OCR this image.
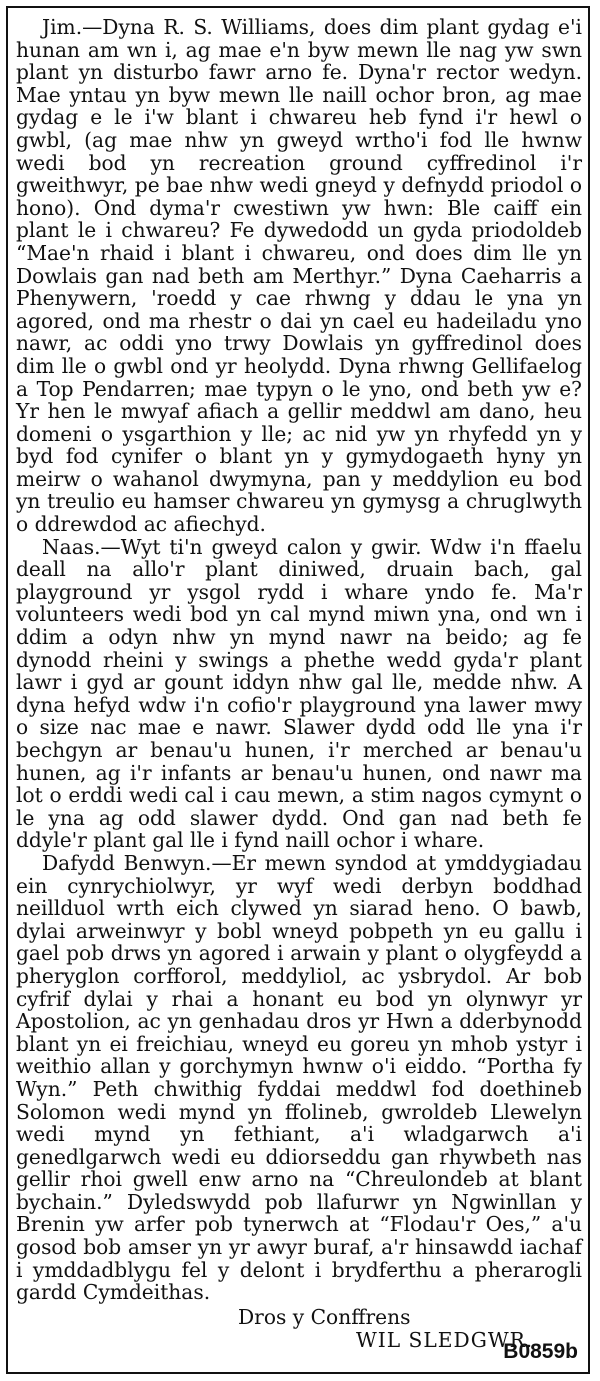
Jim.—Dyna R. S. Williams, does dim plant gydag e'i hunan am wn i, ag mae e'n byw mewn lle nag yw swn plant yn disturbo fawr arno fe. Dyna'r rector wedyn. Mae yntau yn byw mewn lle naill ochor bron, ag mae gydag e le i'w blant i chwareu heb fynd i'r hewl o gwbl, (ag mae nhw yn gweyd wrtho'i fod lle hwnw wedi bod yn recreation ground cyffredinol i'r gweithwyr, pe bae nhw wedi gneyd y defnydd priodol o hono). Ond dyma'r cwestiwn yw hwn: Ble caiff ein plant le i chwareu? Fe dywedodd un gyda priodoldeb “Mae'n rhaid i blant i chwareu, ond does dim lle yn Dowlais gan nad beth am Merthyr.” Dyna Caeharris a Phenywern, 'roedd y cae rhwng y ddau le yna yn agored, ond ma rhestr o dai yn cael eu hadeiladu yno nawr, ac oddi yno trwy Dowlais yn gyffredinol does dim lle o gwbl ond yr heolydd. Dyna rhwng Gellifaelog a Top Pendarren; mae typyn o le yno, ond beth yw e? Yr hen le mwyaf afiach a gellir meddwl am dano, heu domeni o ysgarthion y lle; ac nid yw yn rhyfedd yn y byd fod cynifer o blant yn y gymydogaeth hyny yn meirw o wahanol dwymyna, pan y meddylion eu bod yn treulio eu hamser chwareu yn gymysg a chruglwyth o ddrewdod ac afiechyd.

Naas.—Wyt ti'n gweyd calon y gwir. Wdw i'n ffaelu deall na allo'r plant diniwed, druain bach, gal playground yr ysgol rydd i whare yndo fe. Ma'r volunteers wedi bod yn cal mynd miwn yna, ond wn i ddim a odyn nhw yn mynd nawr na beido; ag fe dynodd rheini y swings a phethe wedd gyda'r plant lawr i gyd ar gount iddyn nhw gal lle, medde nhw. A dyna hefyd wdw i'n cofio'r playground yna lawer mwy o size nac mae e nawr. Slawer dydd odd lle yna i'r bechgyn ar benau'u hunen, i'r merched ar benau'u hunen, ag i'r infants ar benau'u hunen, ond nawr ma lot o erddi wedi cal i cau mewn, a stim nagos cymynt o le yna ag odd slawer dydd. Ond gan nad beth fe ddyle'r plant gal lle i fynd naill ochor i whare.

Dafydd Benwyn.—Er mewn syndod at ymddygiadau ein cynrychiolwyr, yr wyf wedi derbyn boddhad neillduol wrth eich clywed yn siarad heno. O bawb, dylai arweinwyr y bobl wneyd pobpeth yn eu gallu i gael pob drws yn agored i arwain y plant o olygfeydd a pheryglon corfforol, meddyliol, ac ysbrydol. Ar bob cyfrif dylai y rhai a honant eu bod yn olynwyr yr Apostolion, ac yn genhadau dros yr Hwn a dderbynodd blant yn ei freichiau, wneyd eu goreu yn mhob ystyr i weithio allan y gorchymyn hwnw o'i eiddo. “Portha fy Wyn.” Peth chwithig fyddai meddwl fod doethineb Solomon wedi mynd yn ffolineb, gwroldeb Llewelyn wedi mynd yn fethiant, a'i wladgarwch a'i genedlgarwch wedi eu ddiorseddu gan rhywbeth nas gellir rhoi gwell enw arno na “Chreulondeb at blant bychain.” Dyledswydd pob llafurwr yn Ngwinllan y Brenin yw arfer pob tynerwch at “Flodau'r Oes,” a'u gosod bob amser yn yr awyr buraf, a'r hinsawdd iachaf i ymddadblygu fel y delont i brydferthu a pherarogli gardd Cymdeithas.

Dros y Conffrens

WIL SLEDGWR.

B0859b
